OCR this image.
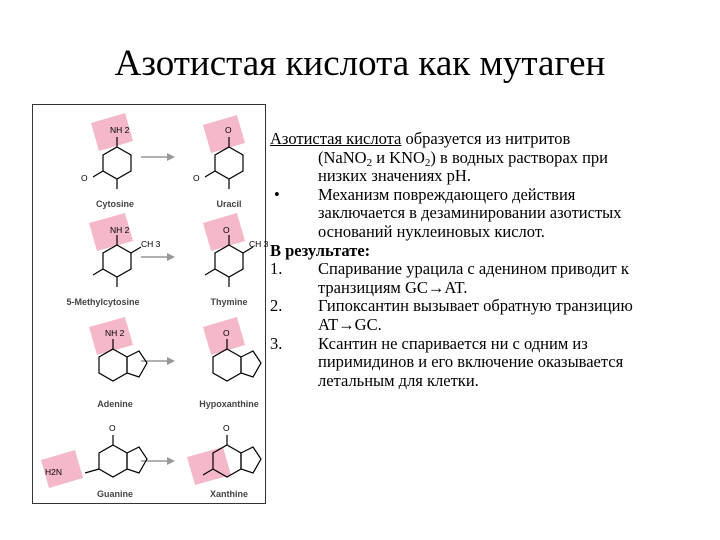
Азотистая кислота как мутаген
NH 2
O
O
O
NH 2
CH 3
O
CH 3
NH 2	O
O
H2N
O
Cytosine	Uracil
5-Methylcytosine	Thymine
Adenine	Hypoxanthine
Guanine	Xanthine
Азотистая кислота образуется из нитритов
(NaNO$_2$ и $KNO_2$) в водных растворах при
низких значениях рН.
• Механизм повреждающего действия
заключается в дезаминировании азотистых
оснований нуклеиновых кислот.
В результате:
1. Спаривание урацила с аденином приводит к
транзициям GC→AT.
2. Гипоксантин вызывает обратную транзицию
AT→GC.
3. Ксантин не спаривается ни с одним из
пиримидинов и его включение оказывается
летальным для клетки.
